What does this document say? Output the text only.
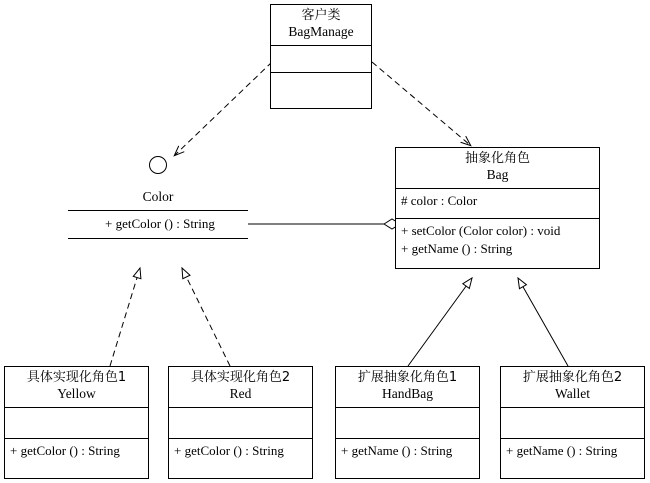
客户类
BagManage
抽象化角色
Bag
# color : Color
+ setColor (Color color) : void
+ getName () : String
Color
+ getColor () : String
具体实现化角色1
Yellow
+ getColor () : String
具体实现化角色2
Red
+ getColor () : String
扩展抽象化角色1
HandBag
+ getName () : String
扩展抽象化角色2
Wallet
+ getName () : String
